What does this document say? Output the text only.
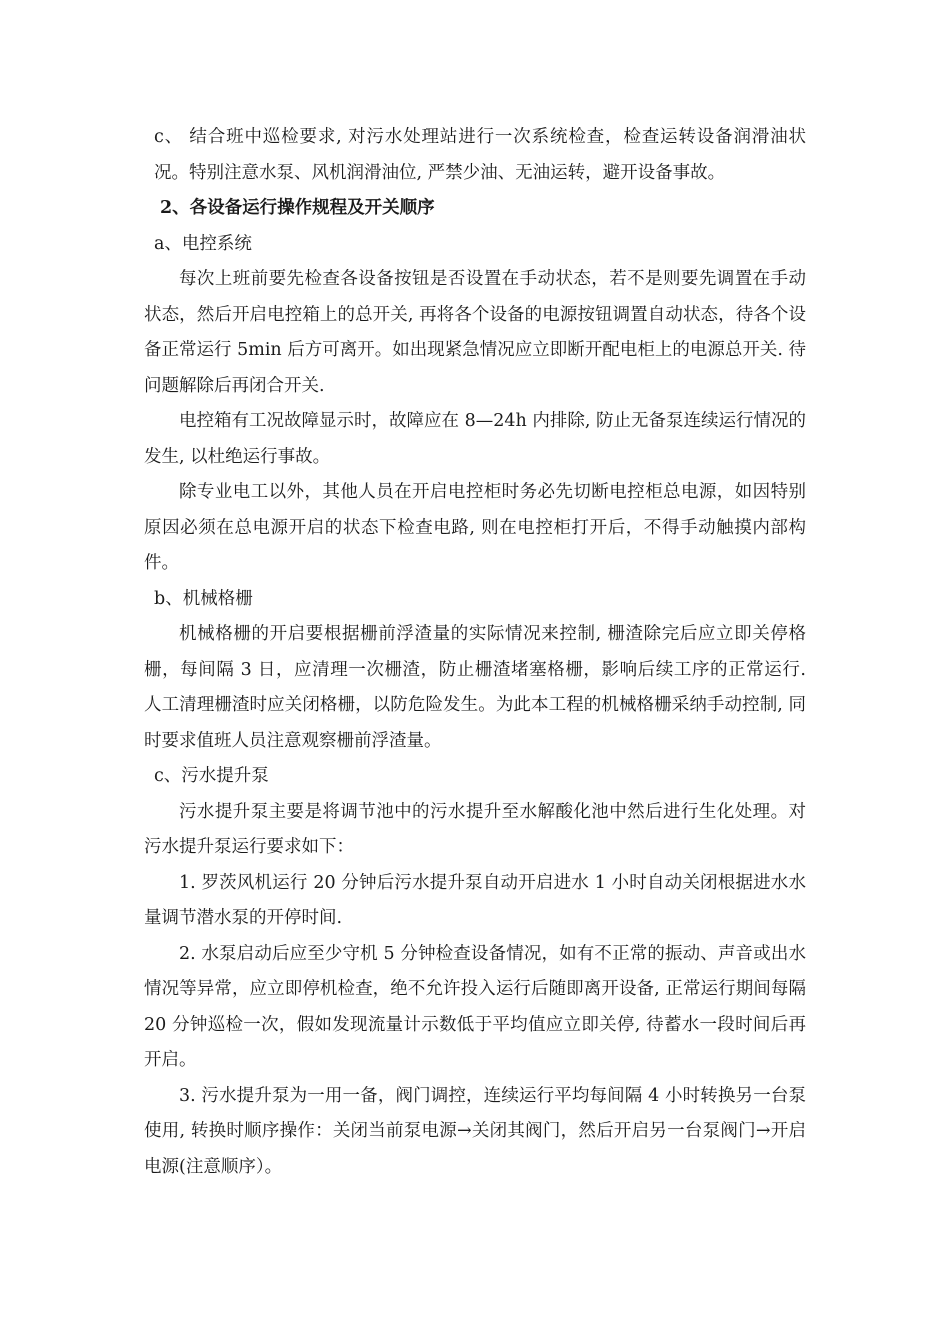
c、 结合班中巡检要求, 对污水处理站进行一次系统检查，检查运转设备润滑油状况。特别注意水泵、风机润滑油位, 严禁少油、无油运转，避开设备事故。

2、各设备运行操作规程及开关顺序

a、电控系统

每次上班前要先检查各设备按钮是否设置在手动状态，若不是则要先调置在手动状态，然后开启电控箱上的总开关, 再将各个设备的电源按钮调置自动状态，待各个设备正常运行 5min 后方可离开。如出现紧急情况应立即断开配电柜上的电源总开关. 待问题解除后再闭合开关.

电控箱有工况故障显示时，故障应在 8—24h 内排除, 防止无备泵连续运行情况的发生, 以杜绝运行事故。

除专业电工以外，其他人员在开启电控柜时务必先切断电控柜总电源，如因特别原因必须在总电源开启的状态下检查电路, 则在电控柜打开后，不得手动触摸内部构件。

b、机械格栅

机械格栅的开启要根据栅前浮渣量的实际情况来控制, 栅渣除完后应立即关停格栅，每间隔 3 日，应清理一次栅渣，防止栅渣堵塞格栅，影响后续工序的正常运行. 人工清理栅渣时应关闭格栅，以防危险发生。为此本工程的机械格栅采纳手动控制, 同时要求值班人员注意观察栅前浮渣量。

c、污水提升泵

污水提升泵主要是将调节池中的污水提升至水解酸化池中然后进行生化处理。对污水提升泵运行要求如下：

1. 罗茨风机运行 20 分钟后污水提升泵自动开启进水 1 小时自动关闭根据进水水量调节潜水泵的开停时间.

2. 水泵启动后应至少守机 5 分钟检查设备情况，如有不正常的振动、声音或出水情况等异常，应立即停机检查，绝不允许投入运行后随即离开设备, 正常运行期间每隔 20 分钟巡检一次，假如发现流量计示数低于平均值应立即关停, 待蓄水一段时间后再开启。

3. 污水提升泵为一用一备，阀门调控，连续运行平均每间隔 4 小时转换另一台泵使用, 转换时顺序操作：关闭当前泵电源→关闭其阀门，然后开启另一台泵阀门→开启电源(注意顺序）。
